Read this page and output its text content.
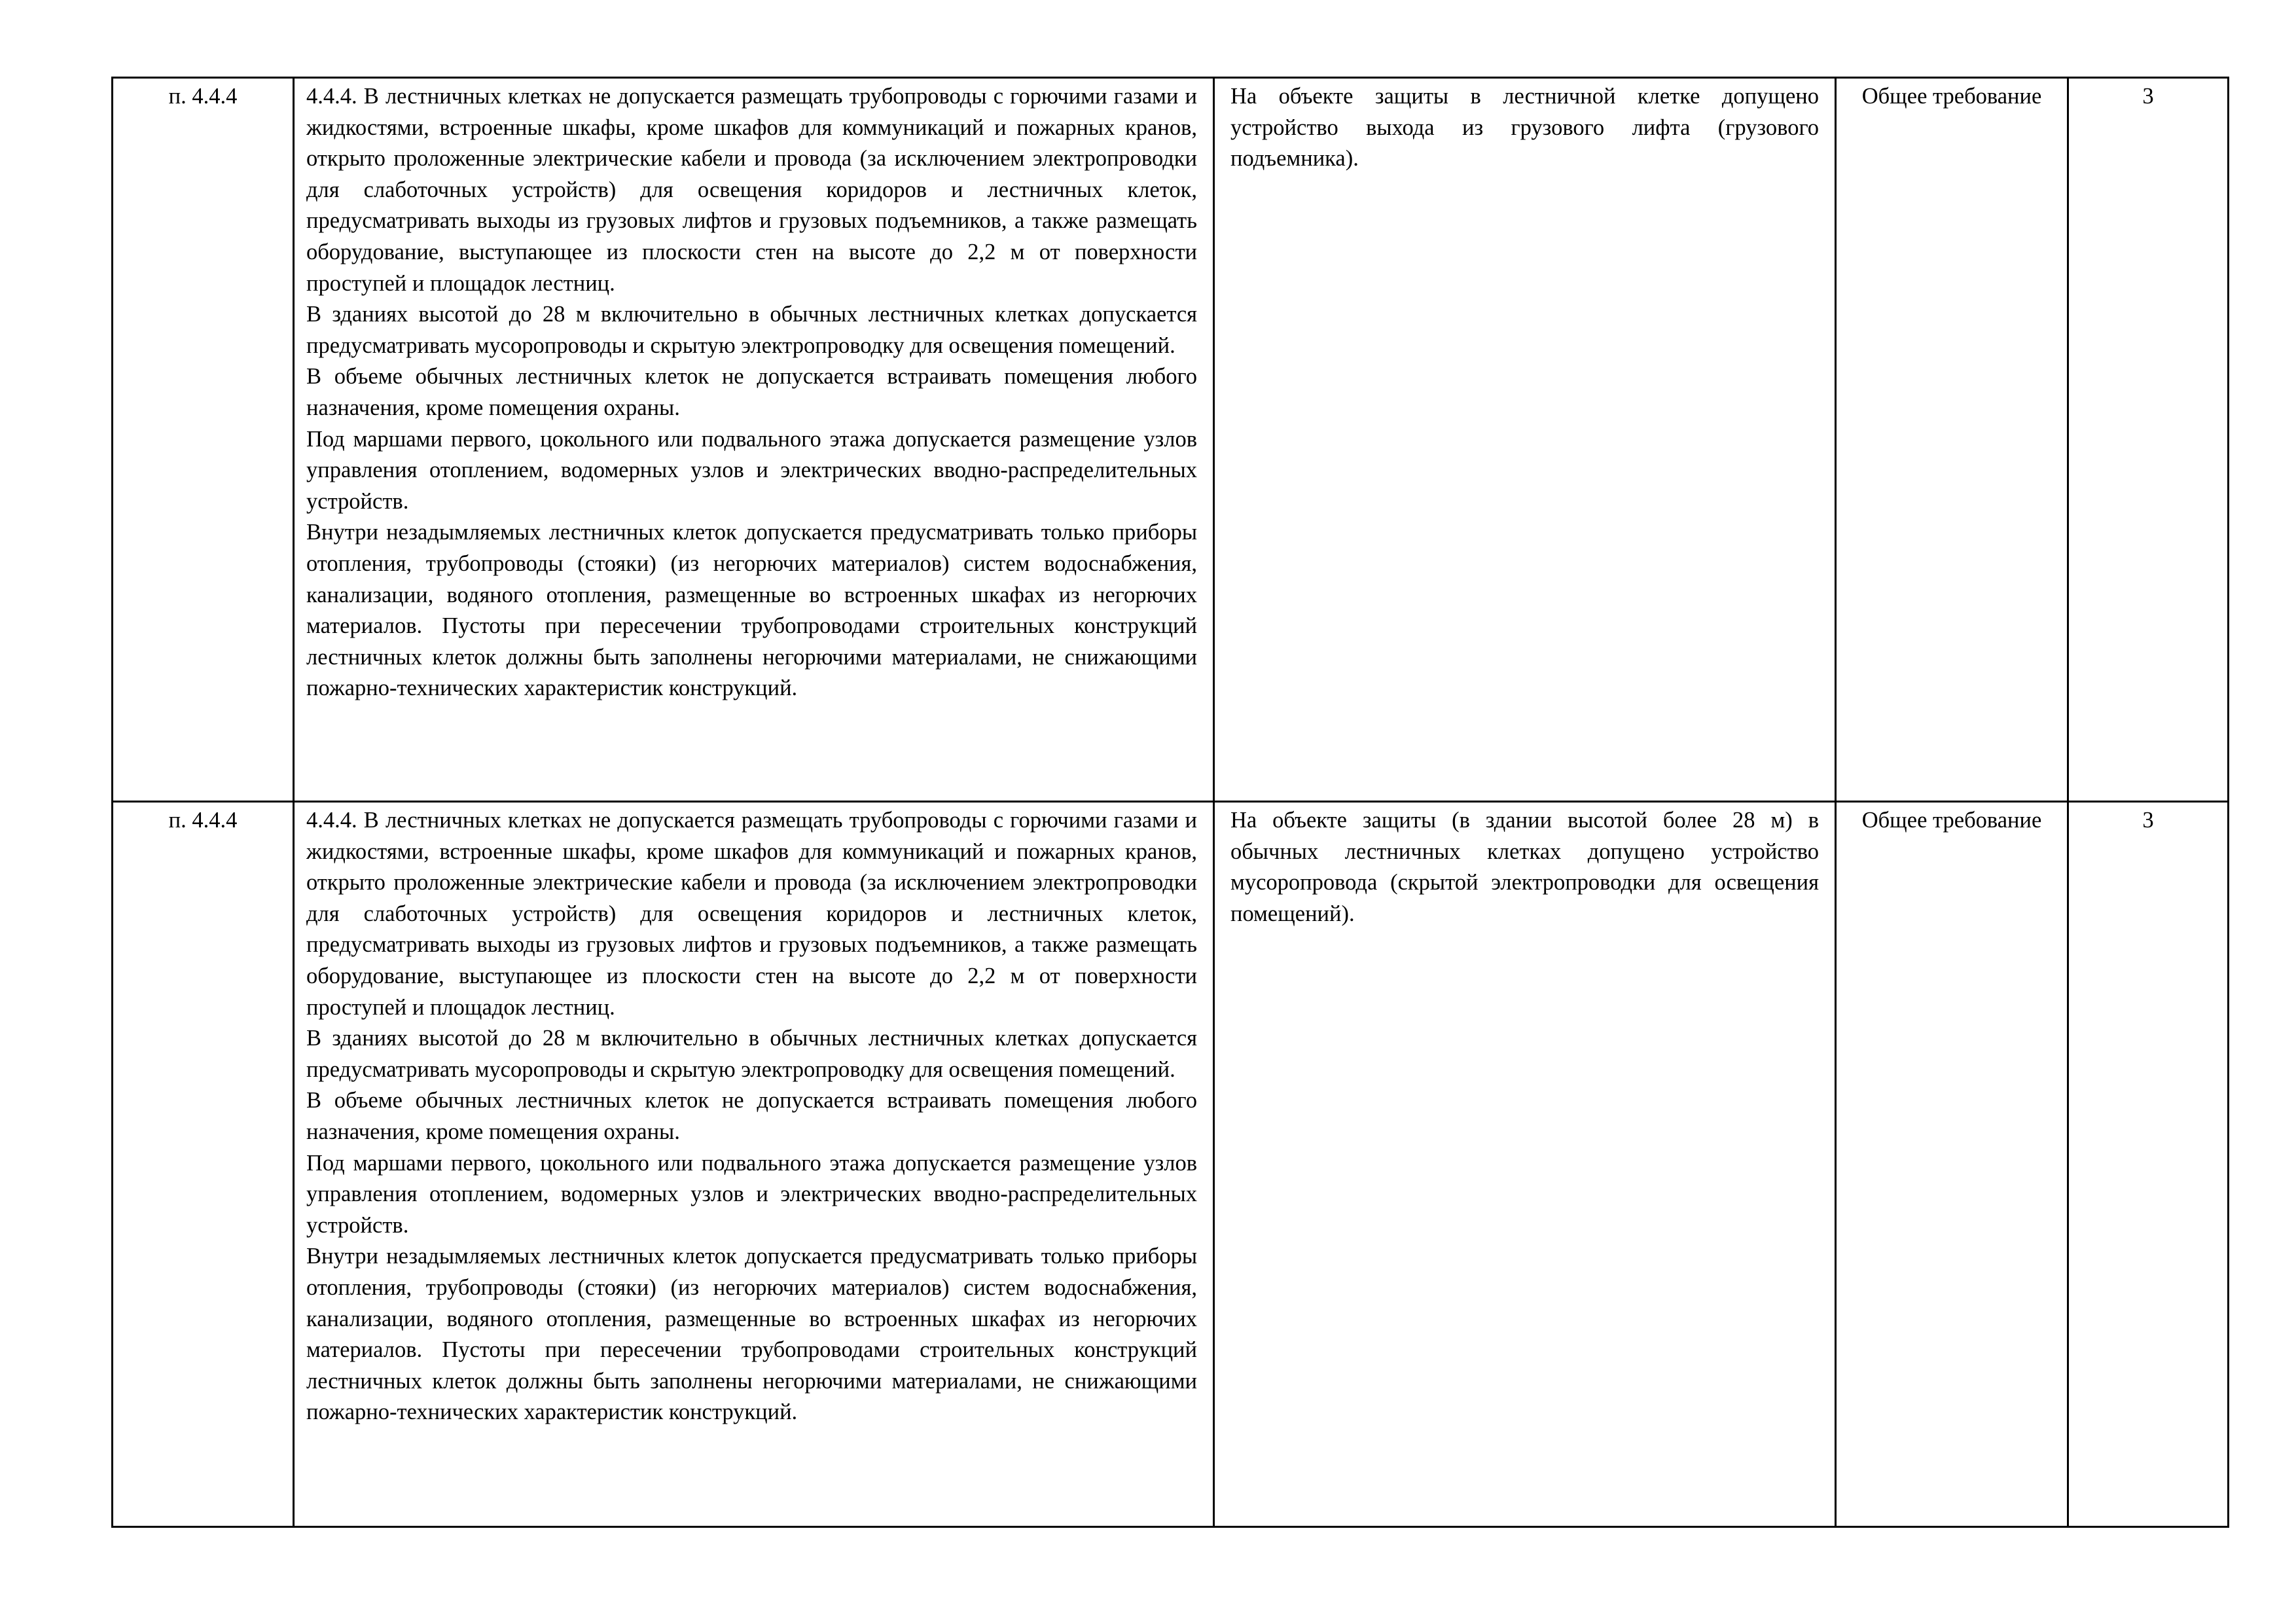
п. 4.4.4	4.4.4. В лестничных клетках не допускается размещать трубопроводы с горючими газами и жидкостями, встроенные шкафы, кроме шкафов для коммуникаций и пожарных кранов, открыто проложенные электрические кабели и провода (за исключением электропроводки для слаботочных устройств) для освещения коридоров и лестничных клеток, предусматривать выходы из грузовых лифтов и грузовых подъемников, а также размещать оборудование, выступающее из плоскости стен на высоте до 2,2 м от поверхности проступей и площадок лестниц.
В зданиях высотой до 28 м включительно в обычных лестничных клетках допускается предусматривать мусоропроводы и скрытую электропроводку для освещения помещений.
В объеме обычных лестничных клеток не допускается встраивать помещения любого назначения, кроме помещения охраны.
Под маршами первого, цокольного или подвального этажа допускается размещение узлов управления отоплением, водомерных узлов и электрических вводно-распределительных устройств.
Внутри незадымляемых лестничных клеток допускается предусматривать только приборы отопления, трубопроводы (стояки) (из негорючих материалов) систем водоснабжения, канализации, водяного отопления, размещенные во встроенных шкафах из негорючих материалов. Пустоты при пересечении трубопроводами строительных конструкций лестничных клеток должны быть заполнены негорючими материалами, не снижающими пожарно-технических характеристик конструкций.	На объекте защиты в лестничной клетке допущено устройство выхода из грузового лифта (грузового подъемника).	Общее требование	3
п. 4.4.4	4.4.4. В лестничных клетках не допускается размещать трубопроводы с горючими газами и жидкостями, встроенные шкафы, кроме шкафов для коммуникаций и пожарных кранов, открыто проложенные электрические кабели и провода (за исключением электропроводки для слаботочных устройств) для освещения коридоров и лестничных клеток, предусматривать выходы из грузовых лифтов и грузовых подъемников, а также размещать оборудование, выступающее из плоскости стен на высоте до 2,2 м от поверхности проступей и площадок лестниц.
В зданиях высотой до 28 м включительно в обычных лестничных клетках допускается предусматривать мусоропроводы и скрытую электропроводку для освещения помещений.
В объеме обычных лестничных клеток не допускается встраивать помещения любого назначения, кроме помещения охраны.
Под маршами первого, цокольного или подвального этажа допускается размещение узлов управления отоплением, водомерных узлов и электрических вводно-распределительных устройств.
Внутри незадымляемых лестничных клеток допускается предусматривать только приборы отопления, трубопроводы (стояки) (из негорючих материалов) систем водоснабжения, канализации, водяного отопления, размещенные во встроенных шкафах из негорючих материалов. Пустоты при пересечении трубопроводами строительных конструкций лестничных клеток должны быть заполнены негорючими материалами, не снижающими пожарно-технических характеристик конструкций.	На объекте защиты (в здании высотой более 28 м) в обычных лестничных клетках допущено устройство мусоропровода (скрытой электропроводки для освещения помещений).	Общее требование	3
